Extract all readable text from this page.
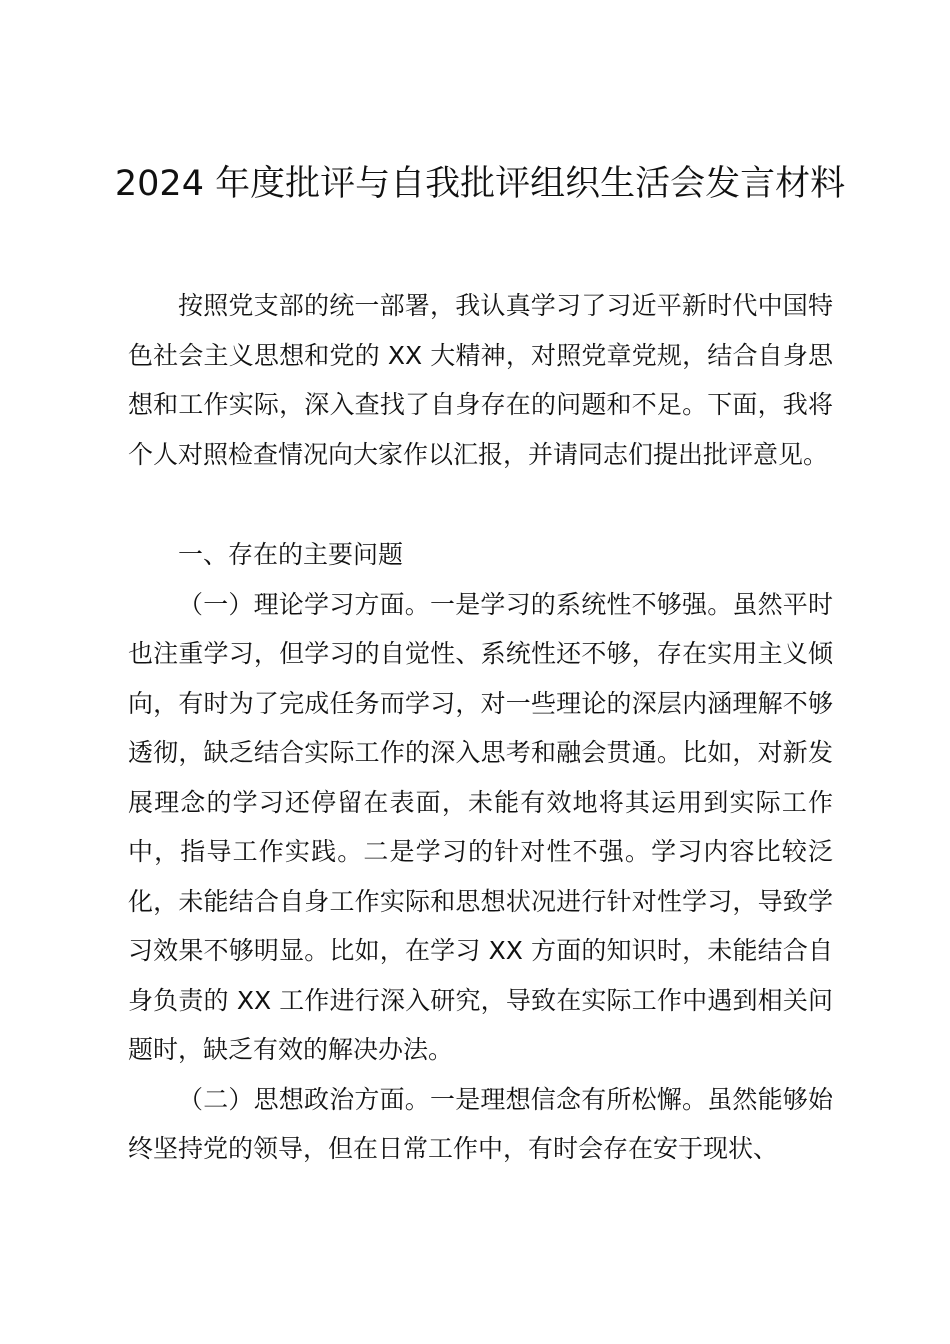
2024 年度批评与自我批评组织生活会发言材料

按照党支部的统一部署，我认真学习了习近平新时代中国特色社会主义思想和党的 XX 大精神，对照党章党规，结合自身思想和工作实际，深入查找了自身存在的问题和不足。下面，我将个人对照检查情况向大家作以汇报，并请同志们提出批评意见。

一、存在的主要问题

（一）理论学习方面。一是学习的系统性不够强。虽然平时也注重学习，但学习的自觉性、系统性还不够，存在实用主义倾向，有时为了完成任务而学习，对一些理论的深层内涵理解不够透彻，缺乏结合实际工作的深入思考和融会贯通。比如，对新发展理念的学习还停留在表面，未能有效地将其运用到实际工作中，指导工作实践。二是学习的针对性不强。学习内容比较泛化，未能结合自身工作实际和思想状况进行针对性学习，导致学习效果不够明显。比如，在学习 XX 方面的知识时，未能结合自身负责的 XX 工作进行深入研究，导致在实际工作中遇到相关问题时，缺乏有效的解决办法。

（二）思想政治方面。一是理想信念有所松懈。虽然能够始终坚持党的领导，但在日常工作中，有时会存在安于现状、
